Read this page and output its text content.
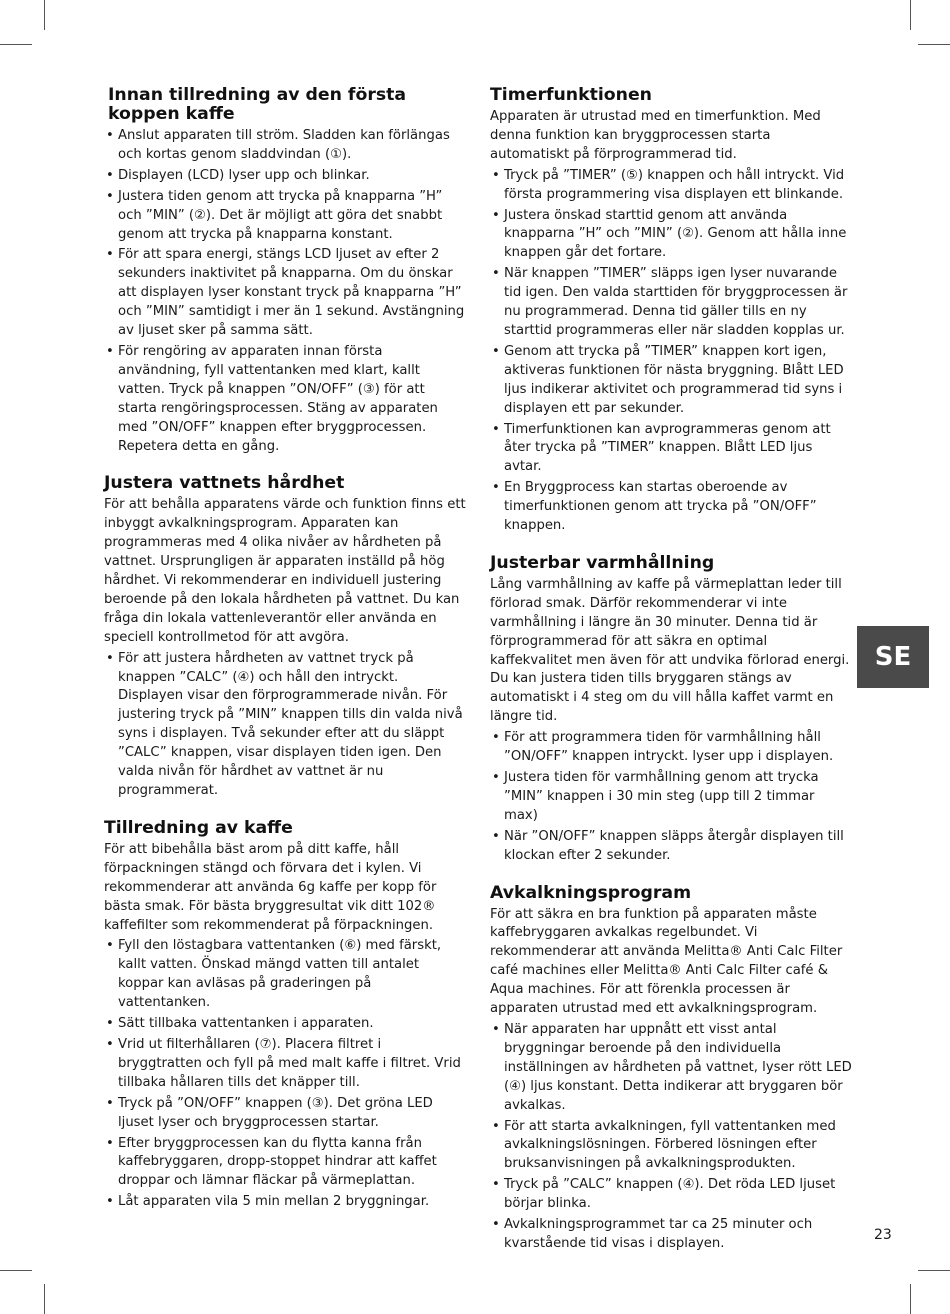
Innan tillredning av den första koppen kaffe
• Anslut apparaten till ström. Sladden kan förlängas och kortas genom sladdvindan (①).
• Displayen (LCD) lyser upp och blinkar.
• Justera tiden genom att trycka på knapparna ”H” och ”MIN” (②). Det är möjligt att göra det snabbt genom att trycka på knapparna konstant.
• För att spara energi, stängs LCD ljuset av efter 2 sekunders inaktivitet på knapparna. Om du önskar att displayen lyser konstant tryck på knapparna ”H” och ”MIN” samtidigt i mer än 1 sekund. Avstängning av ljuset sker på samma sätt.
• För rengöring av apparaten innan första användning, fyll vattentanken med klart, kallt vatten. Tryck på knappen ”ON/OFF” (③) för att starta rengöringsprocessen. Stäng av apparaten med ”ON/OFF” knappen efter bryggprocessen. Repetera detta en gång.
Justera vattnets hårdhet

För att behålla apparatens värde och funktion finns ett inbyggt avkalkningsprogram. Apparaten kan programmeras med 4 olika nivåer av hårdheten på vattnet. Ursprungligen är apparaten inställd på hög hårdhet. Vi rekommenderar en individuell justering beroende på den lokala hårdheten på vattnet. Du kan fråga din lokala vattenleverantör eller använda en speciell kontrollmetod för att avgöra.

• För att justera hårdheten av vattnet tryck på knappen ”CALC” (④) och håll den intryckt. Displayen visar den förprogrammerade nivån. För justering tryck på ”MIN” knappen tills din valda nivå syns i displayen. Två sekunder efter att du släppt ”CALC” knappen, visar displayen tiden igen. Den valda nivån för hårdhet av vattnet är nu programmerat.
Tillredning av kaffe

För att bibehålla bäst arom på ditt kaffe, håll förpackningen stängd och förvara det i kylen. Vi rekommenderar att använda 6g kaffe per kopp för bästa smak. För bästa bryggresultat vik ditt 102® kaffefilter som rekommenderat på förpackningen.

• Fyll den löstagbara vattentanken (⑥) med färskt, kallt vatten. Önskad mängd vatten till antalet koppar kan avläsas på graderingen på vattentanken.
• Sätt tillbaka vattentanken i apparaten.
• Vrid ut filterhållaren (⑦). Placera filtret i bryggtratten och fyll på med malt kaffe i filtret. Vrid tillbaka hållaren tills det knäpper till.
• Tryck på ”ON/OFF” knappen (③). Det gröna LED ljuset lyser och bryggprocessen startar.
• Efter bryggprocessen kan du flytta kanna från kaffebryggaren, dropp-stoppet hindrar att kaffet droppar och lämnar fläckar på värmeplattan.
• Låt apparaten vila 5 min mellan 2 bryggningar.
Timerfunktionen

Apparaten är utrustad med en timerfunktion. Med denna funktion kan bryggprocessen starta automatiskt på förprogrammerad tid.

• Tryck på ”TIMER” (⑤) knappen och håll intryckt. Vid första programmering visa displayen ett blinkande.
• Justera önskad starttid genom att använda knapparna ”H” och ”MIN” (②). Genom att hålla inne knappen går det fortare.
• När knappen ”TIMER” släpps igen lyser nuvarande tid igen. Den valda starttiden för bryggprocessen är nu programmerad. Denna tid gäller tills en ny starttid programmeras eller när sladden kopplas ur.
• Genom att trycka på ”TIMER” knappen kort igen, aktiveras funktionen för nästa bryggning. Blått LED ljus indikerar aktivitet och programmerad tid syns i displayen ett par sekunder.
• Timerfunktionen kan avprogrammeras genom att åter trycka på ”TIMER” knappen. Blått LED ljus avtar.
• En Bryggprocess kan startas oberoende av timerfunktionen genom att trycka på ”ON/OFF” knappen.
Justerbar varmhållning

Lång varmhållning av kaffe på värmeplattan leder till förlorad smak. Därför rekommenderar vi inte varmhållning i längre än 30 minuter. Denna tid är förprogrammerad för att säkra en optimal kaffekvalitet men även för att undvika förlorad energi. Du kan justera tiden tills bryggaren stängs av automatiskt i 4 steg om du vill hålla kaffet varmt en längre tid.

• För att programmera tiden för varmhållning håll ”ON/OFF” knappen intryckt. lyser upp i displayen.
• Justera tiden för varmhållning genom att trycka ”MIN” knappen i 30 min steg (upp till 2 timmar max)
• När ”ON/OFF” knappen släpps återgår displayen till klockan efter 2 sekunder.
Avkalkningsprogram

För att säkra en bra funktion på apparaten måste kaffebryggaren avkalkas regelbundet. Vi rekommenderar att använda Melitta® Anti Calc Filter café machines eller Melitta® Anti Calc Filter café & Aqua machines. För att förenkla processen är apparaten utrustad med ett avkalkningsprogram.

• När apparaten har uppnått ett visst antal bryggningar beroende på den individuella inställningen av hårdheten på vattnet, lyser rött LED (④) ljus konstant. Detta indikerar att bryggaren bör avkalkas.
• För att starta avkalkningen, fyll vattentanken med avkalkningslösningen. Förbered lösningen efter bruksanvisningen på avkalkningsprodukten.
• Tryck på ”CALC” knappen (④). Det röda LED ljuset börjar blinka.
• Avkalkningsprogrammet tar ca 25 minuter och kvarstående tid visas i displayen.
SE
23
